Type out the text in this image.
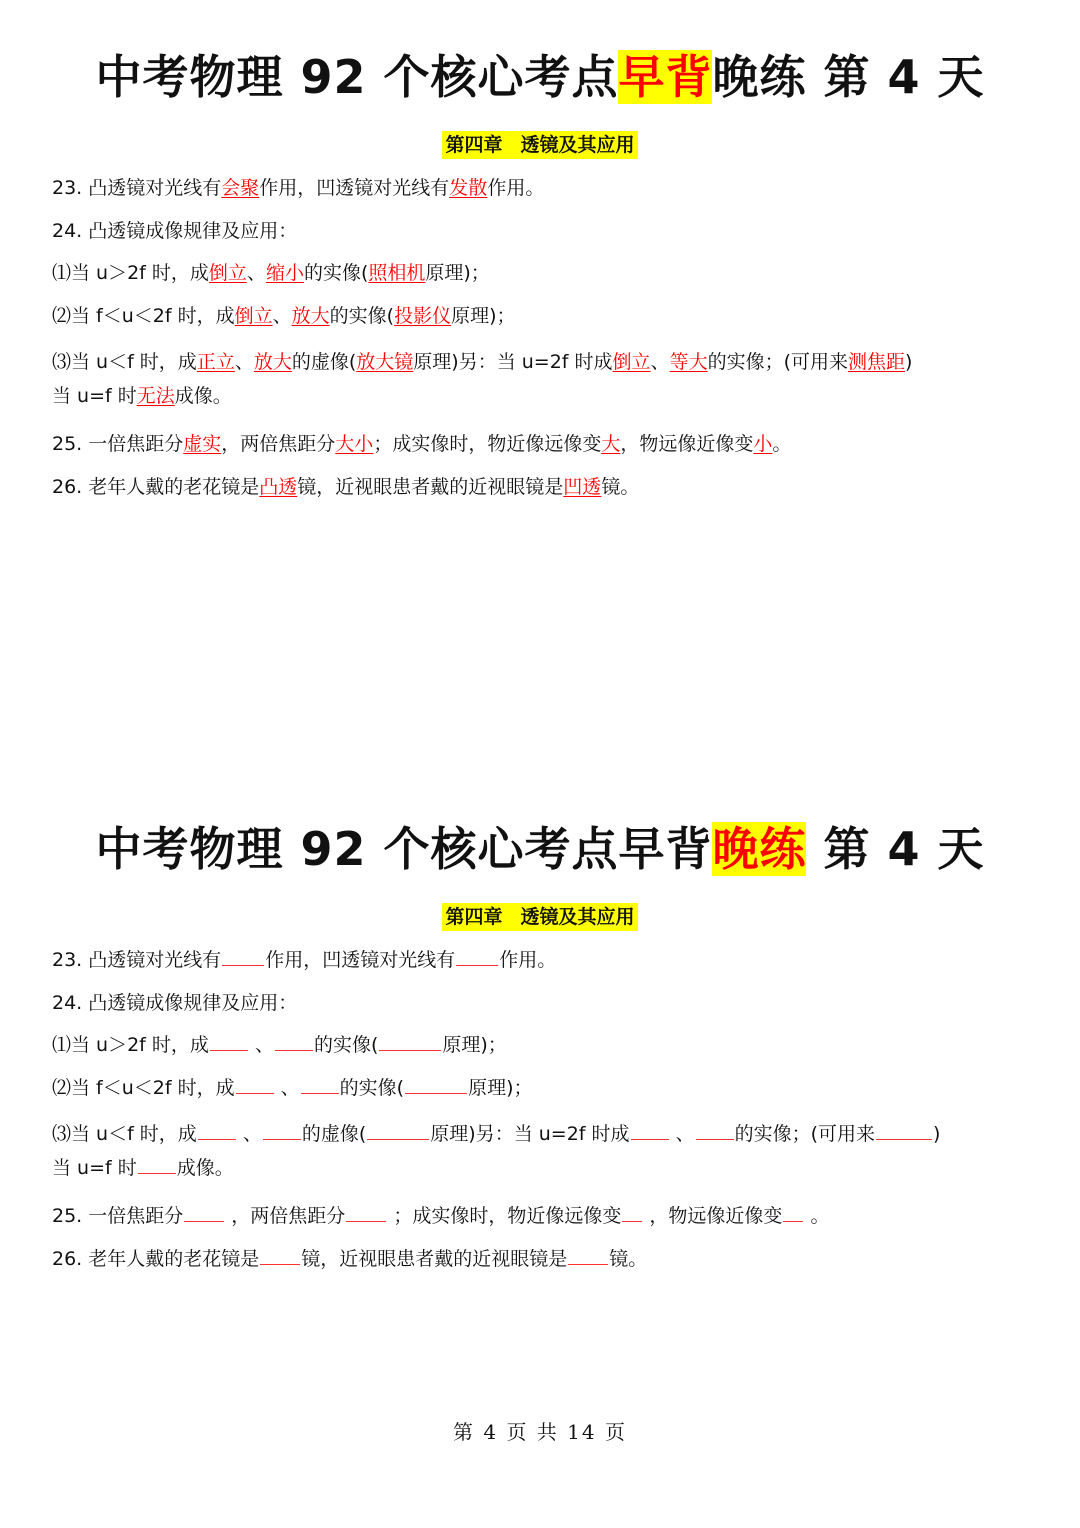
中考物理 92 个核心考点早背晚练 第 4 天
第四章 透镜及其应用
23. 凸透镜对光线有会聚作用，凹透镜对光线有发散作用。
24. 凸透镜成像规律及应用：
⑴当 u＞2f 时，成倒立、缩小的实像(照相机原理)；
⑵当 f＜u＜2f 时，成倒立、放大的实像(投影仪原理)；
⑶当 u＜f 时，成正立、放大的虚像(放大镜原理)另：当 u=2f 时成倒立、等大的实像；(可用来测焦距)
当 u=f 时无法成像。
25. 一倍焦距分虚实，两倍焦距分大小；成实像时，物近像远像变大，物远像近像变小。
26. 老年人戴的老花镜是凸透镜，近视眼患者戴的近视眼镜是凹透镜。
中考物理 92 个核心考点早背晚练 第 4 天
第四章 透镜及其应用
23. 凸透镜对光线有 作用，凹透镜对光线有 作用。
24. 凸透镜成像规律及应用：
⑴当 u＞2f 时，成 、 的实像(	原理)；
⑵当 f＜u＜2f 时，成 、 的实像(	原理)；
⑶当 u＜f 时，成 、 的虚像(	原理)另：当 u=2f 时成 、 的实像；(可用来	)
当 u=f 时 成像。
25. 一倍焦距分 ，两倍焦距分 ；成实像时，物近像远像变 ，物远像近像变 。
26. 老年人戴的老花镜是 镜，近视眼患者戴的近视眼镜是 镜。
第 4 页 共 14 页
